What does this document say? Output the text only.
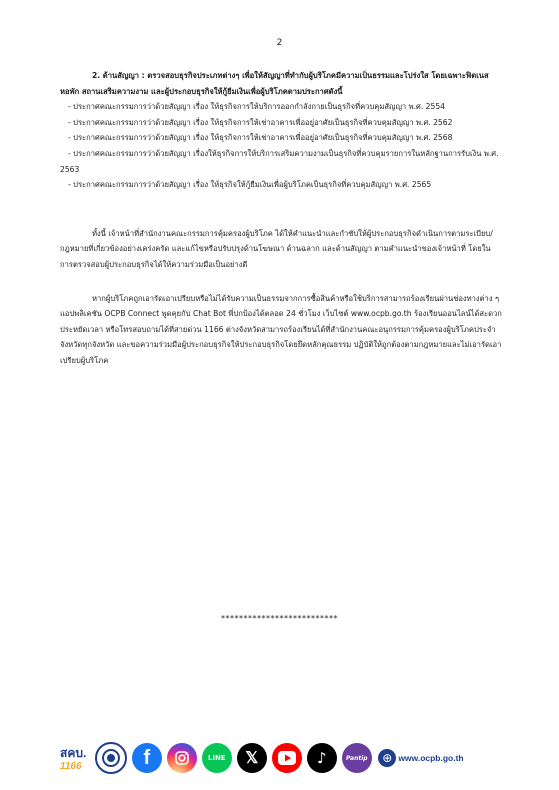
2

2. ด้านสัญญา : ตรวจสอบธุรกิจประเภทต่างๆ เพื่อให้สัญญาที่ทำกับผู้บริโภคมีความเป็นธรรมและโปร่งใส โดยเฉพาะฟิตเนส หอพัก สถานเสริมความงาม และผู้ประกอบธุรกิจให้กู้ยืมเงินเพื่อผู้บริโภคตามประกาศดังนี้

- ประกาศคณะกรรมการว่าด้วยสัญญา เรื่อง ให้ธุรกิจการให้บริการออกกำลังกายเป็นธุรกิจที่ควบคุมสัญญา พ.ศ. 2554
- ประกาศคณะกรรมการว่าด้วยสัญญา เรื่อง ให้ธุรกิจการให้เช่าอาคารเพื่ออยู่อาศัยเป็นธุรกิจที่ควบคุมสัญญา พ.ศ. 2562
- ประกาศคณะกรรมการว่าด้วยสัญญา เรื่อง ให้ธุรกิจการให้เช่าอาคารเพื่ออยู่อาศัยเป็นธุรกิจที่ควบคุมสัญญา พ.ศ. 2568
- ประกาศคณะกรรมการว่าด้วยสัญญา เรื่องให้ธุรกิจการให้บริการเสริมความงามเป็นธุรกิจที่ควบคุมรายการในหลักฐานการรับเงิน พ.ศ. 2563
- ประกาศคณะกรรมการว่าด้วยสัญญา เรื่อง ให้ธุรกิจให้กู้ยืมเงินเพื่อผู้บริโภคเป็นธุรกิจที่ควบคุมสัญญา พ.ศ. 2565

ทั้งนี้ เจ้าหน้าที่สำนักงานคณะกรรมการคุ้มครองผู้บริโภค ได้ให้คำแนะนำและกำชับให้ผู้ประกอบธุรกิจดำเนินการตามระเบียบ/กฎหมายที่เกี่ยวข้องอย่างเคร่งครัด และแก้ไขหรือปรับปรุงด้านโฆษณา ด้านฉลาก และด้านสัญญา ตามคำแนะนำของเจ้าหน้าที่ โดยในการตรวจสอบผู้ประกอบธุรกิจได้ให้ความร่วมมือเป็นอย่างดี

หากผู้บริโภคถูกเอารัดเอาเปรียบหรือไม่ได้รับความเป็นธรรมจากการซื้อสินค้าหรือใช้บริการสามารถร้องเรียนผ่านช่องทางต่าง ๆ แอปพลิเคชัน OCPB Connect พูดคุยกับ Chat Bot พี่ปกป้องได้ตลอด 24 ชั่วโมง เว็บไซต์ www.ocpb.go.th ร้องเรียนออนไลน์ได้สะดวก ประหยัดเวลา หรือโทรสอบถามได้ที่สายด่วน 1166 ต่างจังหวัดสามารถร้องเรียนได้ที่สำนักงานคณะอนุกรรมการคุ้มครองผู้บริโภคประจำจังหวัดทุกจังหวัด และขอความร่วมมือผู้ประกอบธุรกิจให้ประกอบธุรกิจโดยยึดหลักคุณธรรม ปฏิบัติให้ถูกต้องตามกฎหมายและไม่เอารัดเอาเปรียบผู้บริโภค

**************************
สคบ.
1166	f	LINE	𝕏	♪	Pantip	⊕ www.ocpb.go.th
